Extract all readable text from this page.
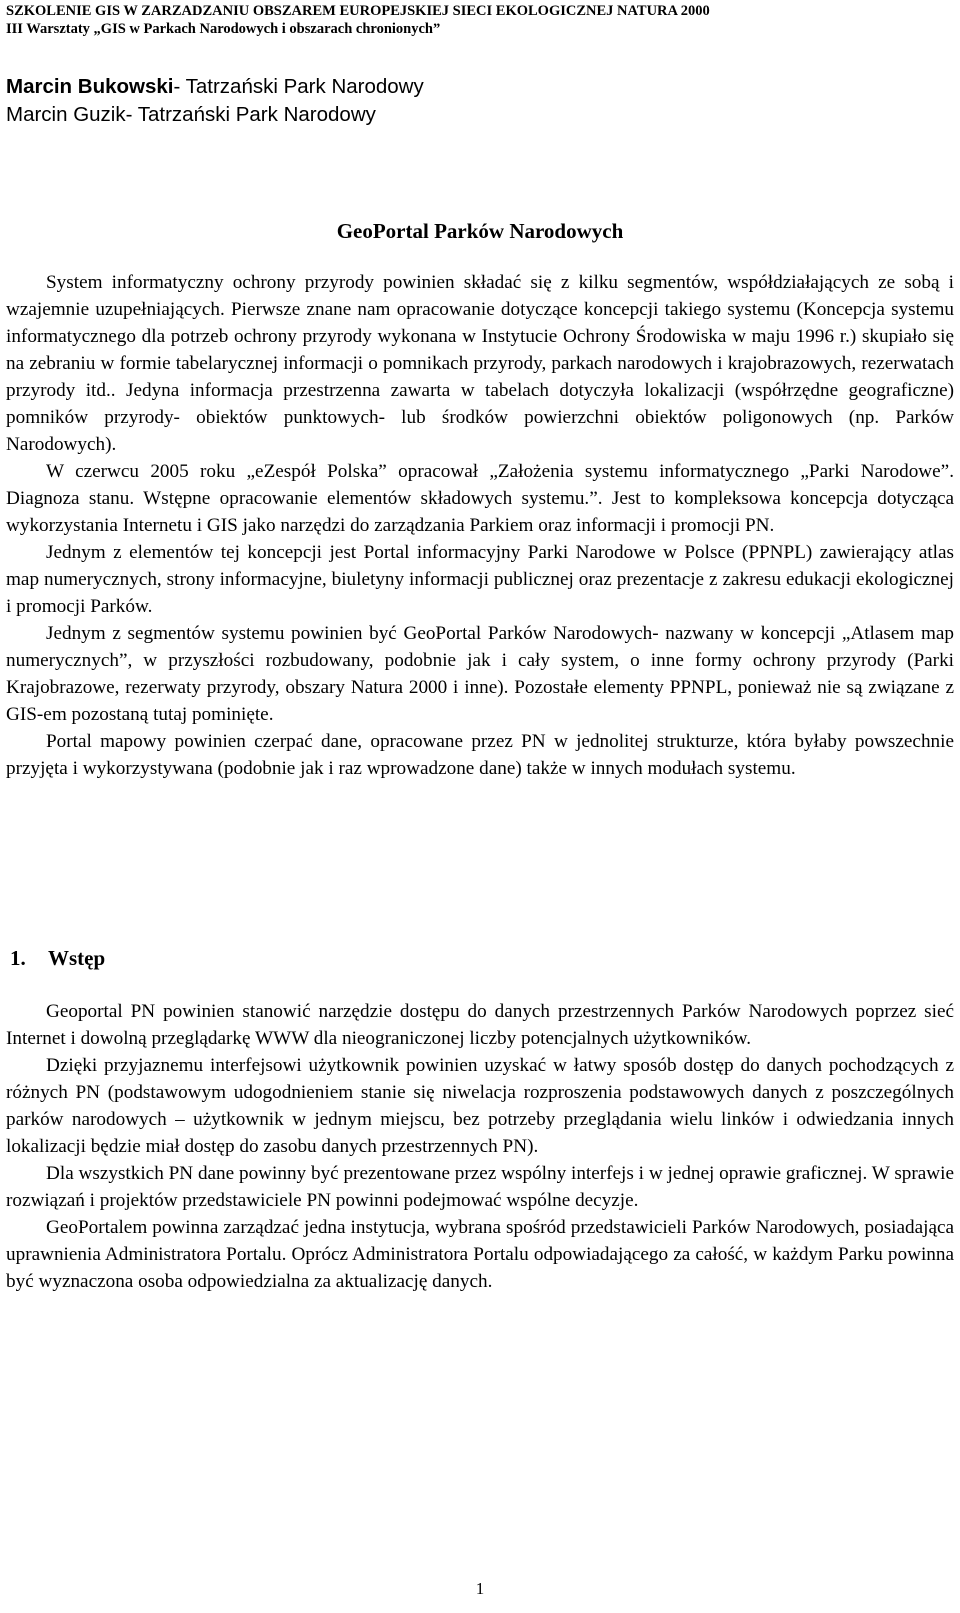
SZKOLENIE GIS W ZARZADZANIU OBSZAREM EUROPEJSKIEJ SIECI EKOLOGICZNEJ NATURA 2000
III Warsztaty „GIS w Parkach Narodowych i obszarach chronionych”
Marcin Bukowski- Tatrzański Park Narodowy
Marcin Guzik- Tatrzański Park Narodowy
GeoPortal Parków Narodowych

System informatyczny ochrony przyrody powinien składać się z kilku segmentów, współdziałających ze sobą i wzajemnie uzupełniających. Pierwsze znane nam opracowanie dotyczące koncepcji takiego systemu (Koncepcja systemu informatycznego dla potrzeb ochrony przyrody wykonana w Instytucie Ochrony Środowiska w maju 1996 r.) skupiało się na zebraniu w formie tabelarycznej informacji o pomnikach przyrody, parkach narodowych i krajobrazowych, rezerwatach przyrody itd.. Jedyna informacja przestrzenna zawarta w tabelach dotyczyła lokalizacji (współrzędne geograficzne) pomników przyrody- obiektów punktowych- lub środków powierzchni obiektów poligonowych (np. Parków Narodowych).

W czerwcu 2005 roku „eZespół Polska” opracował „Założenia systemu informatycznego „Parki Narodowe”. Diagnoza stanu. Wstępne opracowanie elementów składowych systemu.”. Jest to kompleksowa koncepcja dotycząca wykorzystania Internetu i GIS jako narzędzi do zarządzania Parkiem oraz informacji i promocji PN.

Jednym z elementów tej koncepcji jest Portal informacyjny Parki Narodowe w Polsce (PPNPL) zawierający atlas map numerycznych, strony informacyjne, biuletyny informacji publicznej oraz prezentacje z zakresu edukacji ekologicznej i promocji Parków.

Jednym z segmentów systemu powinien być GeoPortal Parków Narodowych- nazwany w koncepcji „Atlasem map numerycznych”, w przyszłości rozbudowany, podobnie jak i cały system, o inne formy ochrony przyrody (Parki Krajobrazowe, rezerwaty przyrody, obszary Natura 2000 i inne). Pozostałe elementy PPNPL, ponieważ nie są związane z GIS-em pozostaną tutaj pominięte.

Portal mapowy powinien czerpać dane, opracowane przez PN w jednolitej strukturze, która byłaby powszechnie przyjęta i wykorzystywana (podobnie jak i raz wprowadzone dane) także w innych modułach systemu.

1. Wstęp

Geoportal PN powinien stanowić narzędzie dostępu do danych przestrzennych Parków Narodowych poprzez sieć Internet i dowolną przeglądarkę WWW dla nieograniczonej liczby potencjalnych użytkowników.

Dzięki przyjaznemu interfejsowi użytkownik powinien uzyskać w łatwy sposób dostęp do danych pochodzących z różnych PN (podstawowym udogodnieniem stanie się niwelacja rozproszenia podstawowych danych z poszczególnych parków narodowych – użytkownik w jednym miejscu, bez potrzeby przeglądania wielu linków i odwiedzania innych lokalizacji będzie miał dostęp do zasobu danych przestrzennych PN).

Dla wszystkich PN dane powinny być prezentowane przez wspólny interfejs i w jednej oprawie graficznej. W sprawie rozwiązań i projektów przedstawiciele PN powinni podejmować wspólne decyzje.

GeoPortalem powinna zarządzać jedna instytucja, wybrana spośród przedstawicieli Parków Narodowych, posiadająca uprawnienia Administratora Portalu. Oprócz Administratora Portalu odpowiadającego za całość, w każdym Parku powinna być wyznaczona osoba odpowiedzialna za aktualizację danych.

1
